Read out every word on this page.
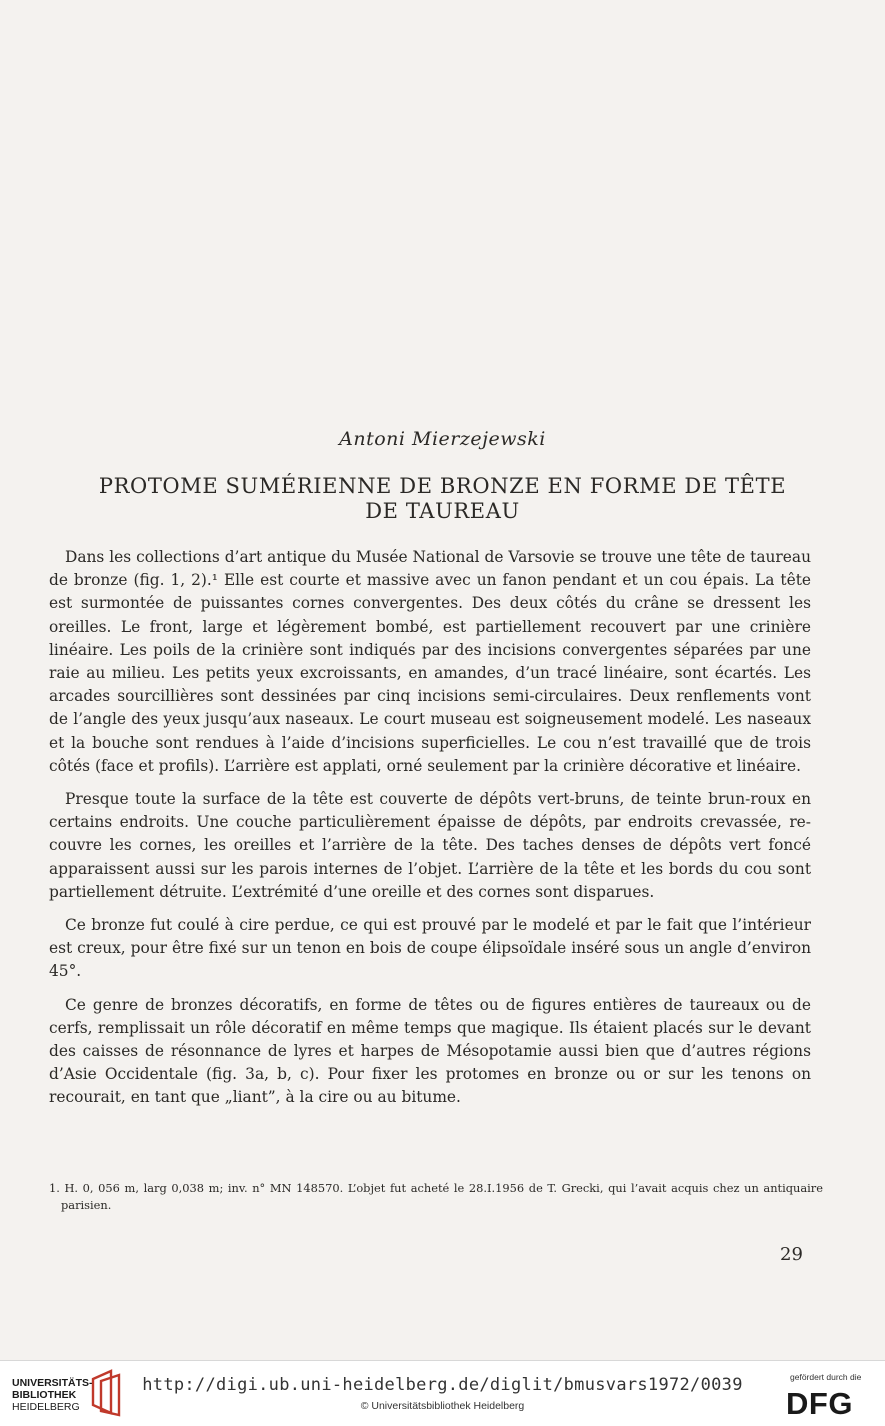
Antoni Mierzejewski
PROTOME SUMÉRIENNE DE BRONZE EN FORME DE TÊTE
DE TAUREAU

Dans les collections d’art antique du Musée National de Varsovie se trouve une tête de taureau de bronze (fig. 1, 2).¹ Elle est courte et massive avec un fanon pendant et un cou épais. La tête est surmontée de puissantes cornes convergentes. Des deux côtés du crâne se dressent les oreilles. Le front, large et légèrement bombé, est partiellement recouvert par une crinière linéaire. Les poils de la crinière sont indiqués par des incisions convergentes séparées par une raie au milieu. Les petits yeux excroissants, en amandes, d’un tracé linéaire, sont écartés. Les arcades sourcillières sont dessinées par cinq incisions semi-circulaires. Deux renflements vont de l’angle des yeux jusqu’aux naseaux. Le court museau est soigneusement modelé. Les naseaux et la bouche sont rendues à l’aide d’incisions superficielles. Le cou n’est travaillé que de trois côtés (face et profils). L’arrière est applati, orné seulement par la crinière décorative et linéaire.

Presque toute la surface de la tête est couverte de dépôts vert-bruns, de teinte brun-roux en certains endroits. Une couche particulièrement épaisse de dépôts, par endroits crevassée, recouvre les cornes, les oreilles et l’arrière de la tête. Des taches denses de dépôts vert foncé apparaissent aussi sur les parois internes de l’objet. L’arrière de la tête et les bords du cou sont partiellement détruite. L’extrémité d’une oreille et des cornes sont disparues.

Ce bronze fut coulé à cire perdue, ce qui est prouvé par le modelé et par le fait que l’intérieur est creux, pour être fixé sur un tenon en bois de coupe élipsoïdale inséré sous un angle d’environ 45°.

Ce genre de bronzes décoratifs, en forme de têtes ou de figures entières de taureaux ou de cerfs, remplissait un rôle décoratif en même temps que magique. Ils étaient placés sur le devant des caisses de résonnance de lyres et harpes de Mésopotamie aussi bien que d’autres régions d’Asie Occidentale (fig. 3a, b, c). Pour fixer les protomes en bronze ou or sur les tenons on recourait, en tant que „liant”, à la cire ou au bitume.

1. H. 0, 056 m, larg 0,038 m; inv. n° MN 148570. L’objet fut acheté le 28.I.1956 de T. Grecki, qui l’avait acquis chez un antiquaire parisien.
29
UNIVERSITÄTS-
BIBLIOTHEK
HEIDELBERG
http://digi.ub.uni-heidelberg.de/diglit/bmusvars1972/0039
© Universitätsbibliothek Heidelberg
gefördert durch die
DFG
